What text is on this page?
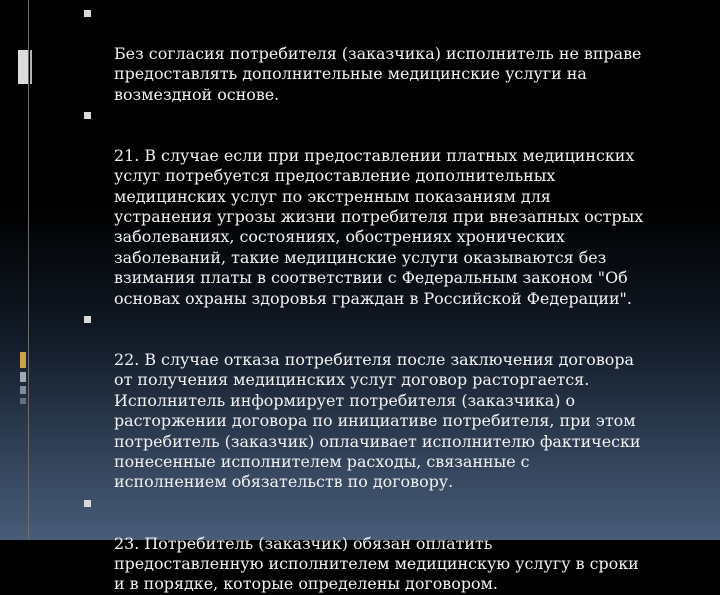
Без согласия потребителя (заказчика) исполнитель не вправе
предоставлять дополнительные медицинские услуги на
возмездной основе.

21. В случае если при предоставлении платных медицинских
услуг потребуется предоставление дополнительных
медицинских услуг по экстренным показаниям для
устранения угрозы жизни потребителя при внезапных острых
заболеваниях, состояниях, обострениях хронических
заболеваний, такие медицинские услуги оказываются без
взимания платы в соответствии с Федеральным законом "Об
основах охраны здоровья граждан в Российской Федерации".

22. В случае отказа потребителя после заключения договора
от получения медицинских услуг договор расторгается.
Исполнитель информирует потребителя (заказчика) о
расторжении договора по инициативе потребителя, при этом
потребитель (заказчик) оплачивает исполнителю фактически
понесенные исполнителем расходы, связанные с
исполнением обязательств по договору.

23. Потребитель (заказчик) обязан оплатить
предоставленную исполнителем медицинскую услугу в сроки
и в порядке, которые определены договором.
